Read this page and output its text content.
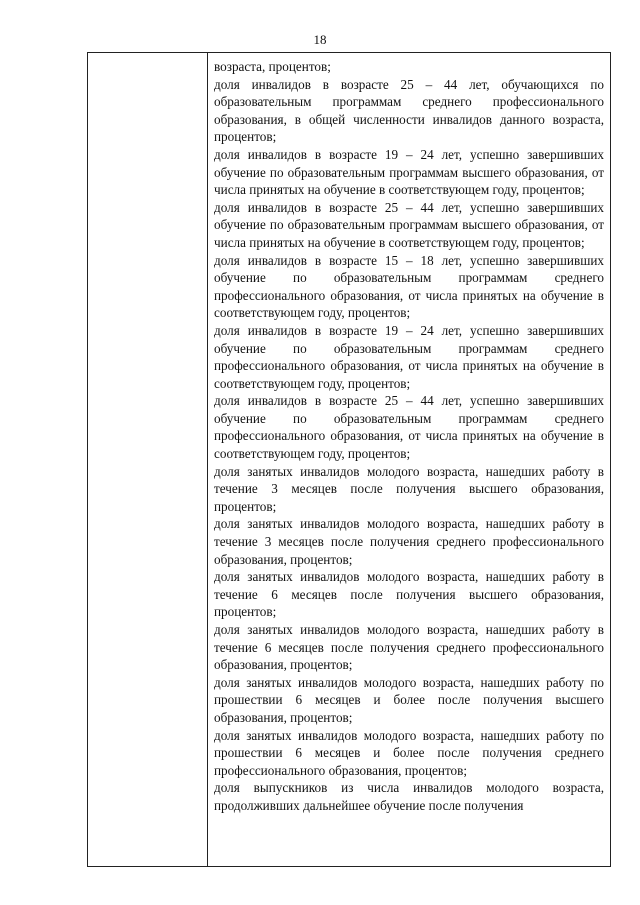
18

возраста, процентов;

доля инвалидов в возрасте 25 – 44 лет, обучающихся по образовательным программам среднего профессионального образования, в общей численности инвалидов данного возраста, процентов;

доля инвалидов в возрасте 19 – 24 лет, успешно завершивших обучение по образовательным программам высшего образования, от числа принятых на обучение в соответствующем году, процентов;

доля инвалидов в возрасте 25 – 44 лет, успешно завершивших обучение по образовательным программам высшего образования, от числа принятых на обучение в соответствующем году, процентов;

доля инвалидов в возрасте 15 – 18 лет, успешно завершивших обучение по образовательным программам среднего профессионального образования, от числа принятых на обучение в соответствующем году, процентов;

доля инвалидов в возрасте 19 – 24 лет, успешно завершивших обучение по образовательным программам среднего профессионального образования, от числа принятых на обучение в соответствующем году, процентов;

доля инвалидов в возрасте 25 – 44 лет, успешно завершивших обучение по образовательным программам среднего профессионального образования, от числа принятых на обучение в соответствующем году, процентов;

доля занятых инвалидов молодого возраста, нашедших работу в течение 3 месяцев после получения высшего образования, процентов;

доля занятых инвалидов молодого возраста, нашедших работу в течение 3 месяцев после получения среднего профессионального образования, процентов;

доля занятых инвалидов молодого возраста, нашедших работу в течение 6 месяцев после получения высшего образования, процентов;

доля занятых инвалидов молодого возраста, нашедших работу в течение 6 месяцев после получения среднего профессионального образования, процентов;

доля занятых инвалидов молодого возраста, нашедших работу по прошествии 6 месяцев и более после получения высшего образования, процентов;

доля занятых инвалидов молодого возраста, нашедших работу по прошествии 6 месяцев и более после получения среднего профессионального образования, процентов;

доля выпускников из числа инвалидов молодого возраста, продолживших дальнейшее обучение после получения
